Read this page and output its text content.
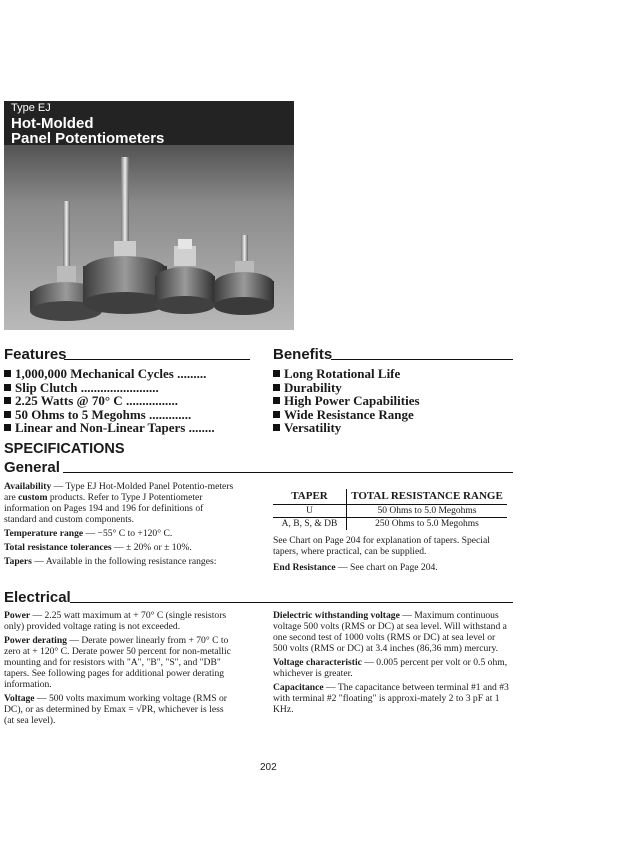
Type EJ
Hot-Molded
Panel Potentiometers
Features
1,000,000 Mechanical Cycles .........
Slip Clutch ........................
2.25 Watts @ 70° C ................
50 Ohms to 5 Megohms .............
Linear and Non-Linear Tapers ........
Benefits
Long Rotational Life
Durability
High Power Capabilities
Wide Resistance Range
Versatility
SPECIFICATIONS
General

Availability — Type EJ Hot-Molded Panel Potentio-meters are custom products. Refer to Type J Potentiometer information on Pages 194 and 196 for definitions of standard and custom components.

Temperature range — −55° C to +120° C.

Total resistance tolerances — ± 20% or ± 10%.

Tapers — Available in the following resistance ranges:

TAPER	TOTAL RESISTANCE RANGE
U	50 Ohms to 5.0 Megohms
A, B, S, & DB	250 Ohms to 5.0 Megohms
See Chart on Page 204 for explanation of tapers. Special tapers, where practical, can be supplied.
End Resistance — See chart on Page 204.
Electrical

Power — 2.25 watt maximum at + 70° C (single resistors only) provided voltage rating is not exceeded.

Power derating — Derate power linearly from + 70° C to zero at + 120° C. Derate power 50 percent for non-metallic mounting and for resistors with "A", "B", "S", and "DB" tapers. See following pages for additional power derating information.

Voltage — 500 volts maximum working voltage (RMS or DC), or as determined by Emax = √PR, whichever is less (at sea level).

Dielectric withstanding voltage — Maximum continuous voltage 500 volts (RMS or DC) at sea level. Will withstand a one second test of 1000 volts (RMS or DC) at sea level or 500 volts (RMS or DC) at 3.4 inches (86,36 mm) mercury.

Voltage characteristic — 0.005 percent per volt or 0.5 ohm, whichever is greater.

Capacitance — The capacitance between terminal #1 and #3 with terminal #2 "floating" is approxi-mately 2 to 3 pF at 1 KHz.

202
